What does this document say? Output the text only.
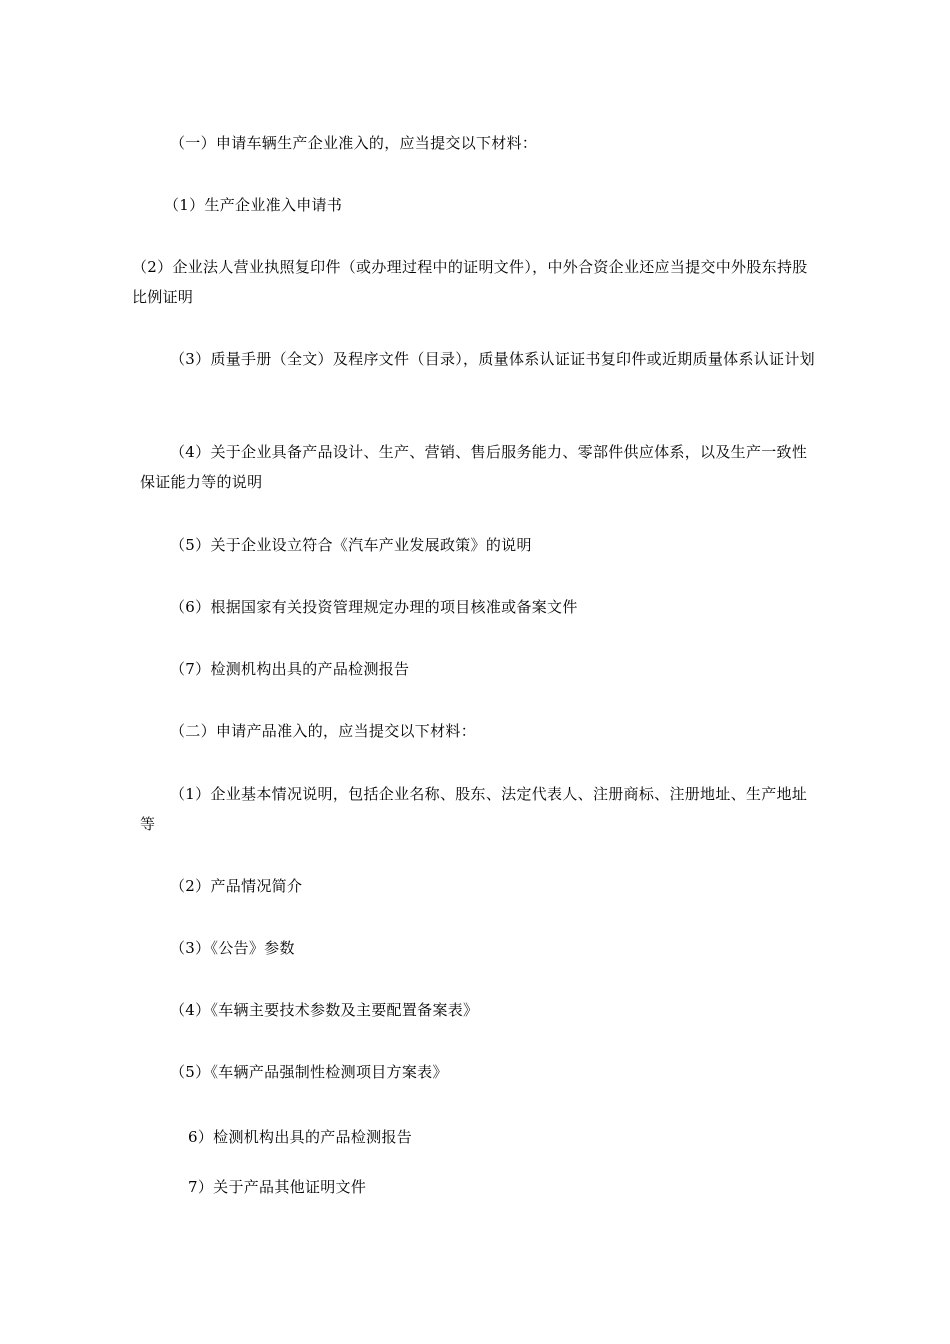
（一）申请车辆生产企业准入的，应当提交以下材料：
（1）生产企业准入申请书
（2）企业法人营业执照复印件（或办理过程中的证明文件），中外合资企业还应当提交中外股东持股比例证明
（3）质量手册（全文）及程序文件（目录），质量体系认证证书复印件或近期质量体系认证计划
（4）关于企业具备产品设计、生产、营销、售后服务能力、零部件供应体系，以及生产一致性保证能力等的说明
（5）关于企业设立符合《汽车产业发展政策》的说明
（6）根据国家有关投资管理规定办理的项目核准或备案文件
（7）检测机构出具的产品检测报告
（二）申请产品准入的，应当提交以下材料：
（1）企业基本情况说明，包括企业名称、股东、法定代表人、注册商标、注册地址、生产地址等
（2）产品情况简介
（3）《公告》参数
（4）《车辆主要技术参数及主要配置备案表》
（5）《车辆产品强制性检测项目方案表》
6）检测机构出具的产品检测报告
7）关于产品其他证明文件
